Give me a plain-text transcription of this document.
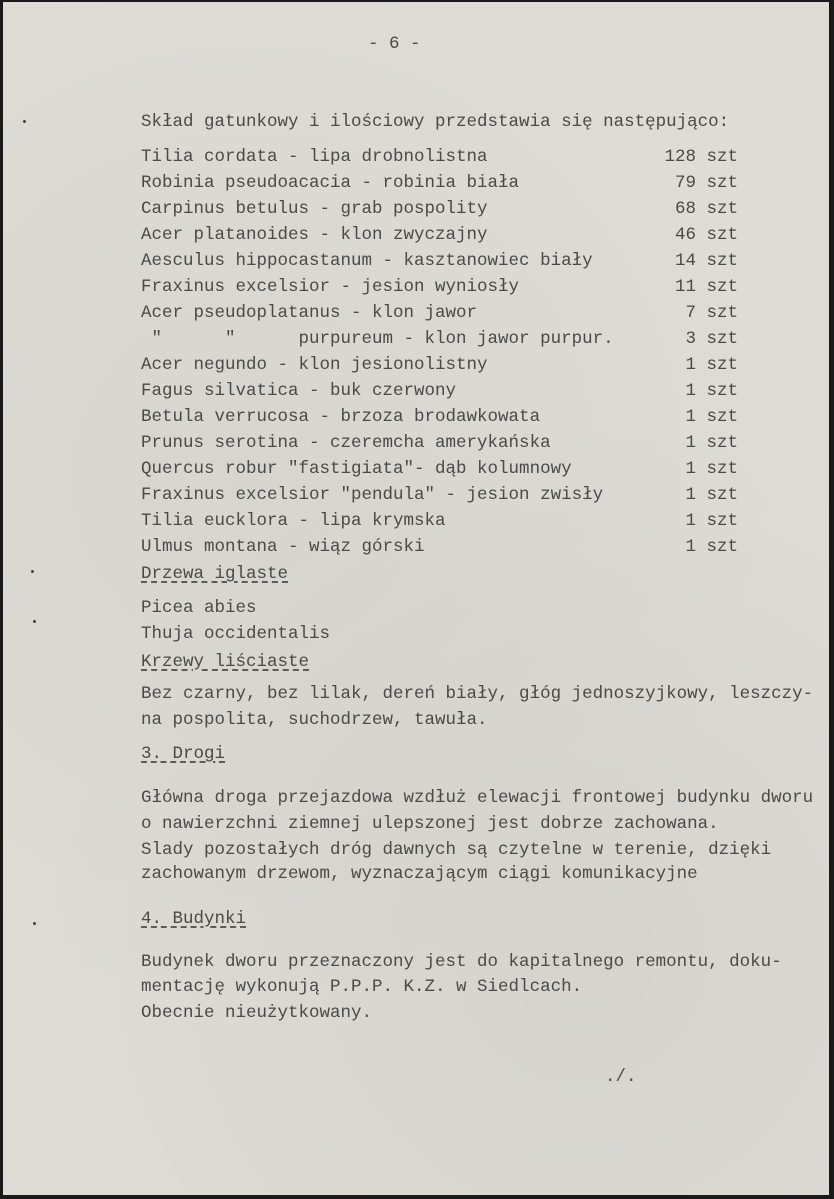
- 6 -
Skład gatunkowy i ilościowy przedstawia się następująco:
Tilia cordata - lipa drobnolistna	128 szt
Robinia pseudoacacia - robinia biała	79 szt
Carpinus betulus - grab pospolity	68 szt
Acer platanoides - klon zwyczajny	46 szt
Aesculus hippocastanum - kasztanowiec biały	14 szt
Fraxinus excelsior - jesion wyniosły	11 szt
Acer pseudoplatanus - klon jawor	7 szt
"      "      purpureum - klon jawor purpur.	3 szt
Acer negundo - klon jesionolistny	1 szt
Fagus silvatica - buk czerwony	1 szt
Betula verrucosa - brzoza brodawkowata	1 szt
Prunus serotina - czeremcha amerykańska	1 szt
Quercus robur "fastigiata"- dąb kolumnowy	1 szt
Fraxinus excelsior "pendula" - jesion zwisły	1 szt
Tilia eucklora - lipa krymska	1 szt
Ulmus montana - wiąz górski	1 szt
Drzewa iglaste
Picea abies
Thuja occidentalis
Krzewy liściaste
Bez czarny, bez lilak, dereń biały, głóg jednoszyjkowy, leszczy-
na pospolita, suchodrzew, tawuła.
3. Drogi
Główna droga przejazdowa wzdłuż elewacji frontowej budynku dworu
o nawierzchni ziemnej ulepszonej jest dobrze zachowana.
Slady pozostałych dróg dawnych są czytelne w terenie, dzięki
zachowanym drzewom, wyznaczającym ciągi komunikacyjne
4. Budynki
Budynek dworu przeznaczony jest do kapitalnego remontu, doku-
mentację wykonują P.P.P. K.Z. w Siedlcach.
Obecnie nieużytkowany.
./.
